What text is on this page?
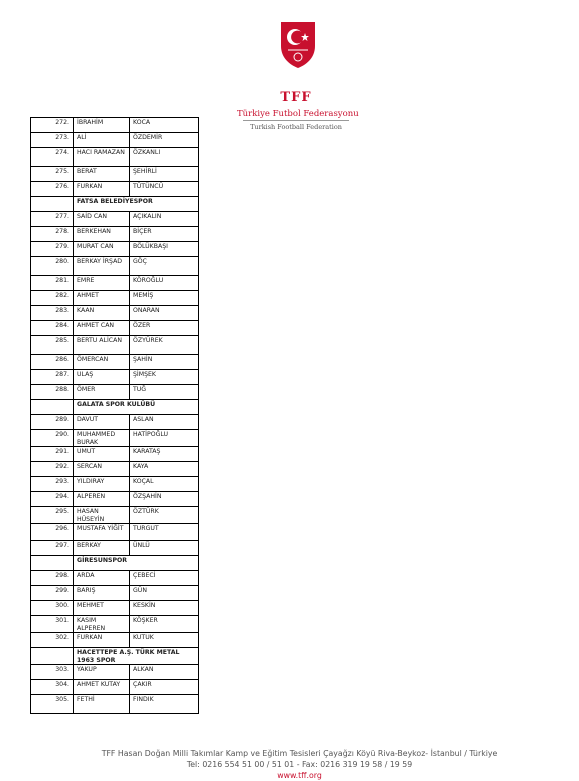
TFF
Türkiye Futbol Federasyonu
Turkish Football Federation
272.	İBRAHİM	KOCA
273.	ALİ	ÖZDEMİR
274.	HACI RAMAZAN	ÖZKANLI
275.	BERAT	ŞEHİRLİ
276.	FURKAN	TÜTÜNCÜ
	FATSA BELEDİYESPOR	
277.	SAİD CAN	AÇIKALIN
278.	BERKEHAN	BİÇER
279.	MURAT CAN	BÖLÜKBAŞI
280.	BERKAY İRŞAD	GÖÇ
281.	EMRE	KÖROĞLU
282.	AHMET	MEMİŞ
283.	KAAN	ONARAN
284.	AHMET CAN	ÖZER
285.	BERTU ALİCAN	ÖZYÜREK
286.	ÖMERCAN	ŞAHİN
287.	ULAŞ	ŞİMŞEK
288.	ÖMER	TUĞ
	GALATA SPOR KULÜBÜ	
289.	DAVUT	ASLAN
290.	MUHAMMED BURAK	HATİPOĞLU
291.	UMUT	KARATAŞ
292.	SERCAN	KAYA
293.	YILDIRAY	KOÇAL
294.	ALPEREN	ÖZŞAHİN
295.	HASAN HÜSEYİN	ÖZTÜRK
296.	MUSTAFA YİĞİT	TURGUT
297.	BERKAY	ÜNLÜ
	GİRESUNSPOR	
298.	ARDA	ÇEBECİ
299.	BARIŞ	GÜN
300.	MEHMET	KESKİN
301.	KASIM ALPEREN	KÖŞKER
302.	FURKAN	KUTUK
	HACETTEPE A.Ş. TÜRK METAL 1963 SPOR	
303.	YAKUP	ALKAN
304.	AHMET KUTAY	ÇAKIR
305.	FETHİ	FINDIK
TFF Hasan Doğan Milli Takımlar Kamp ve Eğitim Tesisleri Çayağzı Köyü Riva-Beykoz- İstanbul / Türkiye
Tel: 0216 554 51 00 / 51 01 - Fax: 0216 319 19 58 / 19 59
www.tff.org
